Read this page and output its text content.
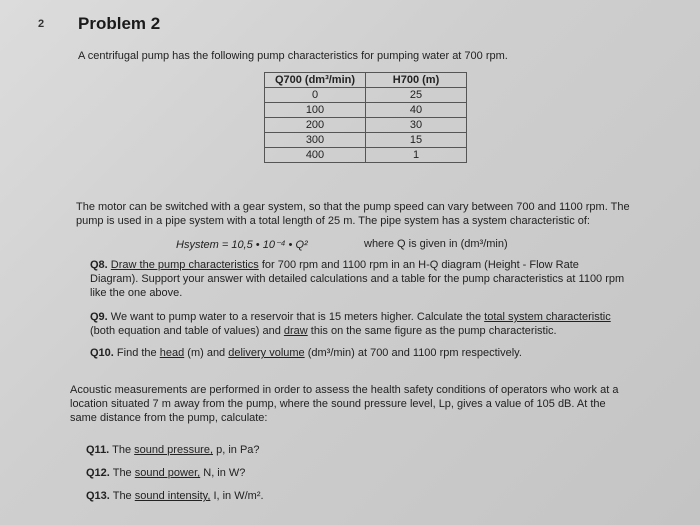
2 Problem 2
A centrifugal pump has the following pump characteristics for pumping water at 700 rpm.
Q700 (dm³/min)	H700 (m)
0	25
100	40
200	30
300	15
400	1
The motor can be switched with a gear system, so that the pump speed can vary between 700 and 1100 rpm. The
pump is used in a pipe system with a total length of 25 m. The pipe system has a system characteristic of:
Hsystem = 10,5 • 10⁻⁴ • Q²	where Q is given in (dm³/min)
Q8. Draw the pump characteristics for 700 rpm and 1100 rpm in an H-Q diagram (Height - Flow Rate
Diagram). Support your answer with detailed calculations and a table for the pump characteristics at 1100 rpm
like the one above.
Q9. We want to pump water to a reservoir that is 15 meters higher. Calculate the total system characteristic
(both equation and table of values) and draw this on the same figure as the pump characteristic.
Q10. Find the head (m) and delivery volume (dm³/min) at 700 and 1100 rpm respectively.
Acoustic measurements are performed in order to assess the health safety conditions of operators who work at a
location situated 7 m away from the pump, where the sound pressure level, Lp, gives a value of 105 dB. At the
same distance from the pump, calculate:
Q11. The sound pressure, p, in Pa?
Q12. The sound power, N, in W?
Q13. The sound intensity, I, in W/m².
